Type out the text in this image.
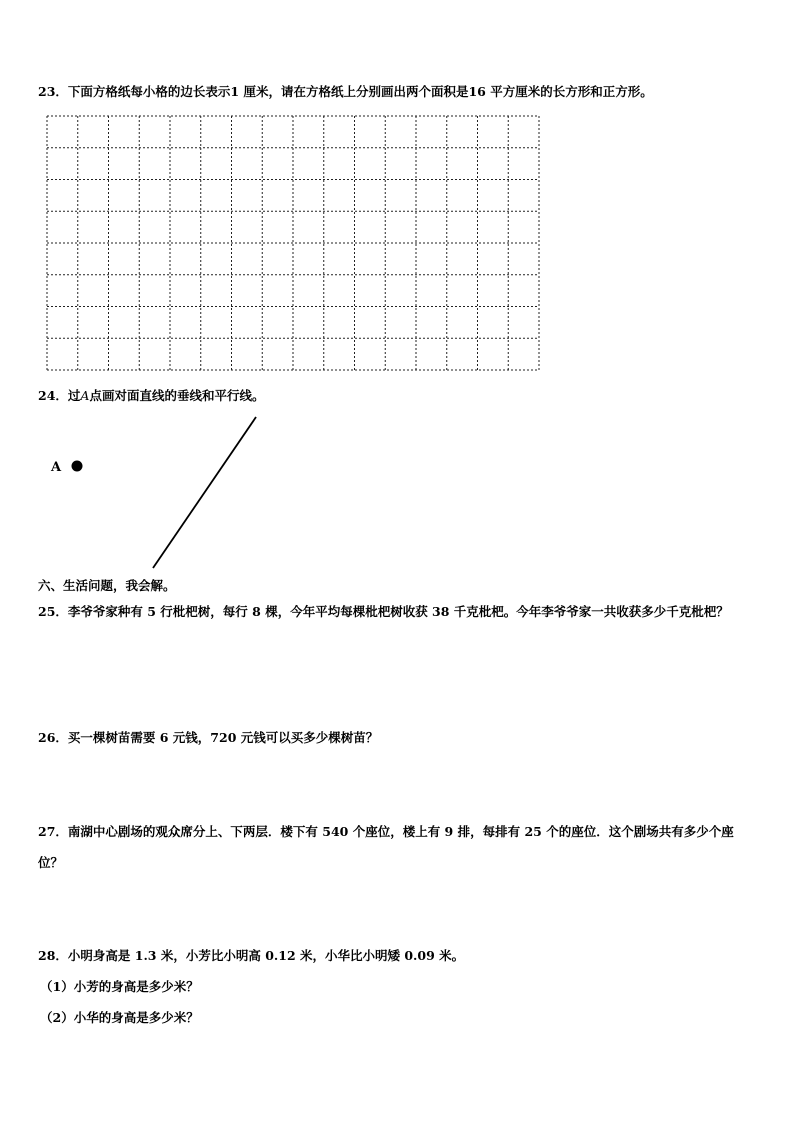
23．下面方格纸每小格的边长表示1 厘米，请在方格纸上分别画出两个面积是16 平方厘米的长方形和正方形。
24．过A点画对面直线的垂线和平行线。
A
六、生活问题，我会解。
25．李爷爷家种有 5 行枇杷树，每行 8 棵，今年平均每棵枇杷树收获 38 千克枇杷。今年李爷爷家一共收获多少千克枇杷？
26．买一棵树苗需要 6 元钱，720 元钱可以买多少棵树苗？
27．南湖中心剧场的观众席分上、下两层．楼下有 540 个座位，楼上有 9 排，每排有 25 个的座位．这个剧场共有多少个座位？
28．小明身高是 1.3 米，小芳比小明高 0.12 米，小华比小明矮 0.09 米。
（1）小芳的身高是多少米？
（2）小华的身高是多少米？
